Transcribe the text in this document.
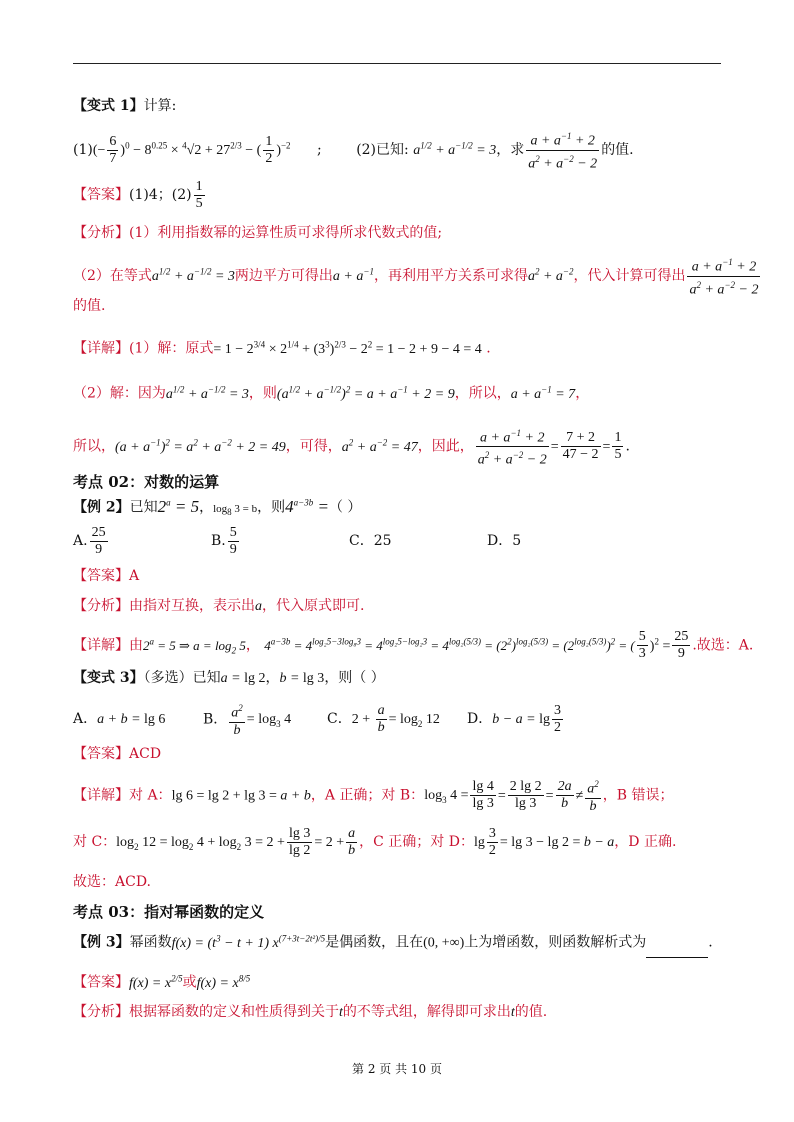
【变式 1】计算:
$(1)(- \frac{6}{7} )^0 - 8^{0.25} \times ^4√2 + 27^{2/3}$ − ( $\frac{1}{2} )^{-2}$ ; (2)已知: $a^{1/2} + a^{-1/2} = 3$，求 $\frac{a + a^{-1} + 2}{a^2 + a^{-2} - 2}$ 的值.
【答案】(1)4；$(2) \frac{1}{5}$
【分析】(1）利用指数幂的运算性质可求得所求代数式的值;
（2）在等式$a^{1/2} + a^{-1/2} = 3$两边平方可得出$a + a^{-1}$，再利用平方关系可求得$a^2 + a^{-2}$，代入计算可得出 $\frac{a + a^{-1} + 2}{a^2 + a^{-2} - 2}$
的值.
【详解】(1）解：原式= $1 - 2^{3/4} \times 2^{1/4} + (3^3)^{2/3} - 2^2 = 1 - 2 + 9 - 4 = 4$ .
（2）解：因为$a^{1/2} + a^{-1/2} = 3$，则$(a^{1/2} + a^{-1/2})^2 = a + a^{-1} + 2 = 9$，所以，$a + a^{-1} = 7$，
所以，$(a + a^{-1})^2 = a^2 + a^{-2} + 2 = 49$，可得，$a^2 + a^{-2} = 47$，因此， $\frac{a + a^{-1} + 2}{a^2 + a^{-2} - 2} = \frac{7 + 2}{47 - 2} = \frac{1}{5}$ .
考点 02：对数的运算
【例 2】已知$2^a = 5$，$\log_8 3 = b$，则$4^{a-3b}$ =（ ）
A. $\frac{25}{9}$	B. $\frac{5}{9}$	C．25	D．5
【答案】A
【分析】由指对互换，表示出a，代入原式即可.
【详解】由$2^a = 5$ ⇒ $a = \log_2 5$， $4^{a-3b} = 4^{log_25-3log_83} = 4^{log_25-log_23} = 4^{log_2(5/3)} = (2^2)^{log_2(5/3)} = (2^{log_2(5/3)})^2$ = ( $\frac{5}{3} )^2 = \frac{25}{9}$ .故选：A.
【变式 3】（多选）已知a = lg 2，b = lg 3，则（ ）
A．a + b = lg 6	B． $\frac{a^2}{b} = \log_3 4$	C．$2 + \frac{a}{b} = \log_2 12$ D．$b - a = \lg \frac{3}{2}$
【答案】ACD
【详解】对 A：lg 6 = lg 2 + lg 3 = a + b，A 正确；对 B：$\log_3 4 = \frac{\lg 4}{\lg 3} = \frac{2 \lg 2}{\lg 3} = \frac{2a}{b} \ne \frac{a^2}{b}$ ，B 错误；
对 C：$\log_2 12 = \log_2 4 + \log_2 3 = 2 + \frac{\lg 3}{\lg 2} = 2 + \frac{a}{b}$ ，C 正确；对 D：$\lg \frac{3}{2} = \lg 3 - \lg 2 = b - a$，D 正确.
故选：ACD.
考点 03：指对幂函数的定义
【例 3】幂函数$f(x) = (t^3 - t + 1)$ $x^{(7+3t-2t^2)/5}$是偶函数，且在(0, +∞)上为增函数，则函数解析式为	.
【答案】$f(x) = x^{2/5}$或$f(x) = x^{8/5}$
【分析】根据幂函数的定义和性质得到关于t的不等式组，解得即可求出t的值.
第 2 页 共 10 页
